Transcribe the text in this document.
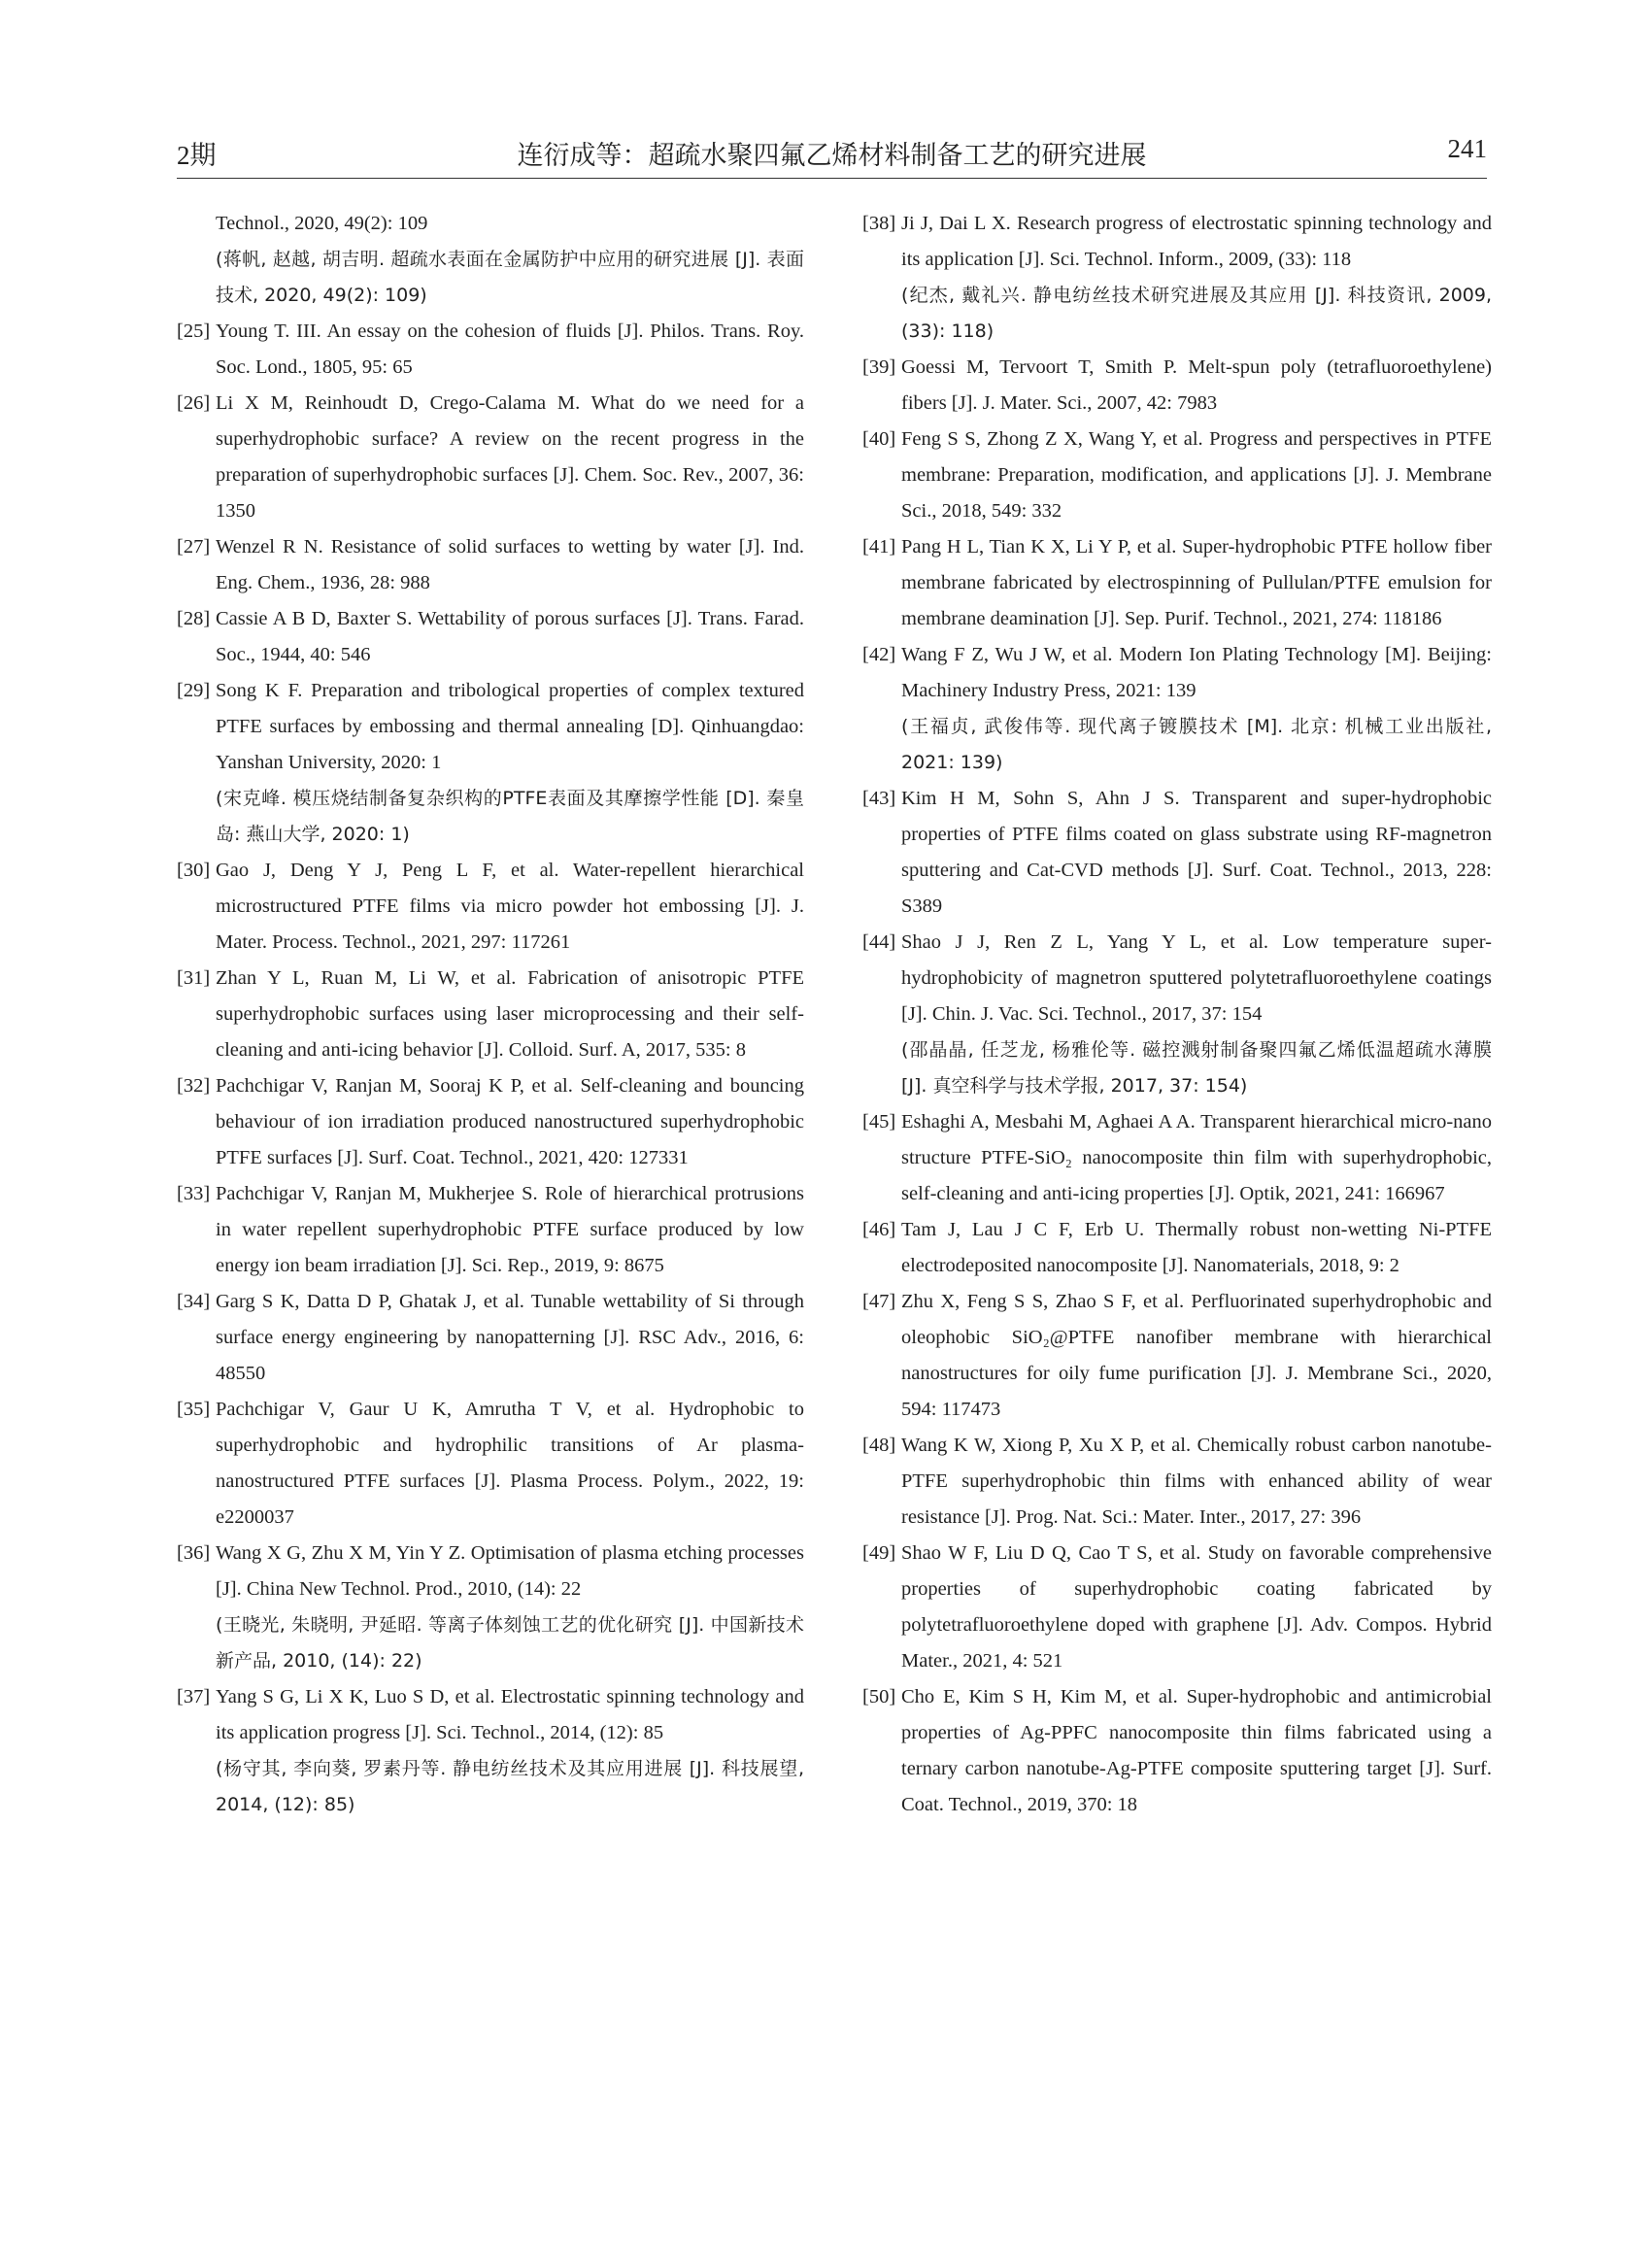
2期	连衍成等：超疏水聚四氟乙烯材料制备工艺的研究进展	241
Technol., 2020, 49(2): 109
(蒋帆, 赵越, 胡吉明. 超疏水表面在金属防护中应用的研究进展 [J]. 表面技术, 2020, 49(2): 109)
[25] Young T. III. An essay on the cohesion of fluids [J]. Philos. Trans. Roy. Soc. Lond., 1805, 95: 65
[26] Li X M, Reinhoudt D, Crego-Calama M. What do we need for a superhydrophobic surface? A review on the recent progress in the preparation of superhydrophobic surfaces [J]. Chem. Soc. Rev., 2007, 36: 1350
[27] Wenzel R N. Resistance of solid surfaces to wetting by water [J]. Ind. Eng. Chem., 1936, 28: 988
[28] Cassie A B D, Baxter S. Wettability of porous surfaces [J]. Trans. Farad. Soc., 1944, 40: 546
[29] Song K F. Preparation and tribological properties of complex textured PTFE surfaces by embossing and thermal annealing [D]. Qinhuangdao: Yanshan University, 2020: 1
(宋克峰. 模压烧结制备复杂织构的PTFE表面及其摩擦学性能 [D]. 秦皇岛: 燕山大学, 2020: 1)
[30] Gao J, Deng Y J, Peng L F, et al. Water-repellent hierarchical microstructured PTFE films via micro powder hot embossing [J]. J. Mater. Process. Technol., 2021, 297: 117261
[31] Zhan Y L, Ruan M, Li W, et al. Fabrication of anisotropic PTFE superhydrophobic surfaces using laser microprocessing and their self-cleaning and anti-icing behavior [J]. Colloid. Surf. A, 2017, 535: 8
[32] Pachchigar V, Ranjan M, Sooraj K P, et al. Self-cleaning and bouncing behaviour of ion irradiation produced nanostructured superhydrophobic PTFE surfaces [J]. Surf. Coat. Technol., 2021, 420: 127331
[33] Pachchigar V, Ranjan M, Mukherjee S. Role of hierarchical protrusions in water repellent superhydrophobic PTFE surface produced by low energy ion beam irradiation [J]. Sci. Rep., 2019, 9: 8675
[34] Garg S K, Datta D P, Ghatak J, et al. Tunable wettability of Si through surface energy engineering by nanopatterning [J]. RSC Adv., 2016, 6: 48550
[35] Pachchigar V, Gaur U K, Amrutha T V, et al. Hydrophobic to superhydrophobic and hydrophilic transitions of Ar plasma-nanostructured PTFE surfaces [J]. Plasma Process. Polym., 2022, 19: e2200037
[36] Wang X G, Zhu X M, Yin Y Z. Optimisation of plasma etching processes [J]. China New Technol. Prod., 2010, (14): 22
(王晓光, 朱晓明, 尹延昭. 等离子体刻蚀工艺的优化研究 [J]. 中国新技术新产品, 2010, (14): 22)
[37] Yang S G, Li X K, Luo S D, et al. Electrostatic spinning technology and its application progress [J]. Sci. Technol., 2014, (12): 85
(杨守其, 李向葵, 罗素丹等. 静电纺丝技术及其应用进展 [J]. 科技展望, 2014, (12): 85)
[38] Ji J, Dai L X. Research progress of electrostatic spinning technology and its application [J]. Sci. Technol. Inform., 2009, (33): 118
(纪杰, 戴礼兴. 静电纺丝技术研究进展及其应用 [J]. 科技资讯, 2009, (33): 118)
[39] Goessi M, Tervoort T, Smith P. Melt-spun poly (tetrafluoroethylene) fibers [J]. J. Mater. Sci., 2007, 42: 7983
[40] Feng S S, Zhong Z X, Wang Y, et al. Progress and perspectives in PTFE membrane: Preparation, modification, and applications [J]. J. Membrane Sci., 2018, 549: 332
[41] Pang H L, Tian K X, Li Y P, et al. Super-hydrophobic PTFE hollow fiber membrane fabricated by electrospinning of Pullulan/PTFE emulsion for membrane deamination [J]. Sep. Purif. Technol., 2021, 274: 118186
[42] Wang F Z, Wu J W, et al. Modern Ion Plating Technology [M]. Beijing: Machinery Industry Press, 2021: 139
(王福贞, 武俊伟等. 现代离子镀膜技术 [M]. 北京: 机械工业出版社, 2021: 139)
[43] Kim H M, Sohn S, Ahn J S. Transparent and super-hydrophobic properties of PTFE films coated on glass substrate using RF-magnetron sputtering and Cat-CVD methods [J]. Surf. Coat. Technol., 2013, 228: S389
[44] Shao J J, Ren Z L, Yang Y L, et al. Low temperature super-hydrophobicity of magnetron sputtered polytetrafluoroethylene coatings [J]. Chin. J. Vac. Sci. Technol., 2017, 37: 154
(邵晶晶, 任芝龙, 杨雅伦等. 磁控溅射制备聚四氟乙烯低温超疏水薄膜 [J]. 真空科学与技术学报, 2017, 37: 154)
[45] Eshaghi A, Mesbahi M, Aghaei A A. Transparent hierarchical micro-nano structure PTFE-SiO₂ nanocomposite thin film with superhydrophobic, self-cleaning and anti-icing properties [J]. Optik, 2021, 241: 166967
[46] Tam J, Lau J C F, Erb U. Thermally robust non-wetting Ni-PTFE electrodeposited nanocomposite [J]. Nanomaterials, 2018, 9: 2
[47] Zhu X, Feng S S, Zhao S F, et al. Perfluorinated superhydrophobic and oleophobic SiO₂@PTFE nanofiber membrane with hierarchical nanostructures for oily fume purification [J]. J. Membrane Sci., 2020, 594: 117473
[48] Wang K W, Xiong P, Xu X P, et al. Chemically robust carbon nanotube-PTFE superhydrophobic thin films with enhanced ability of wear resistance [J]. Prog. Nat. Sci.: Mater. Inter., 2017, 27: 396
[49] Shao W F, Liu D Q, Cao T S, et al. Study on favorable comprehensive properties of superhydrophobic coating fabricated by polytetrafluoroethylene doped with graphene [J]. Adv. Compos. Hybrid Mater., 2021, 4: 521
[50] Cho E, Kim S H, Kim M, et al. Super-hydrophobic and antimicrobial properties of Ag-PPFC nanocomposite thin films fabricated using a ternary carbon nanotube-Ag-PTFE composite sputtering target [J]. Surf. Coat. Technol., 2019, 370: 18
